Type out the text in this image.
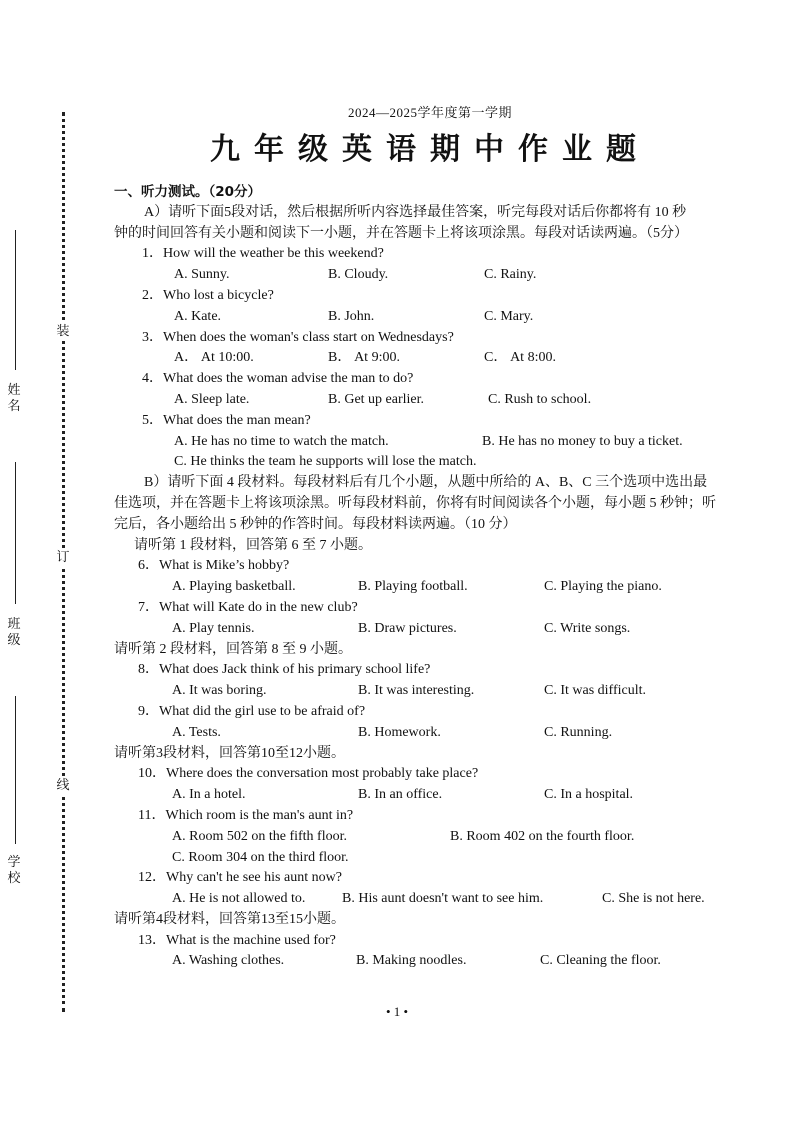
装
订
线
姓名
班级
学校
2024—2025学年度第一学期
九年级英语期中作业题
一、听力测试。（20分）
A）请听下面5段对话，然后根据所听内容选择最佳答案，听完每段对话后你都将有 10 秒
钟的时间回答有关小题和阅读下一小题，并在答题卡上将该项涂黑。每段对话读两遍。（5分）
1．How will the weather be this weekend?
A. Sunny.	B. Cloudy.	C. Rainy.
2．Who lost a bicycle?
A. Kate.	B. John.	C. Mary.
3．When does the woman's class start on Wednesdays?
A． At 10:00.	B． At 9:00.	C． At 8:00.
4．What does the woman advise the man to do?
A. Sleep late.	B. Get up earlier.	C. Rush to school.
5．What does the man mean?
A. He has no time to watch the match.	B. He has no money to buy a ticket.
C. He thinks the team he supports will lose the match.
B）请听下面 4 段材料。每段材料后有几个小题，从题中所给的 A、B、C 三个选项中选出最
佳选项，并在答题卡上将该项涂黑。听每段材料前，你将有时间阅读各个小题，每小题 5 秒钟；听
完后，各小题给出 5 秒钟的作答时间。每段材料读两遍。（10 分）
请听第 1 段材料，回答第 6 至 7 小题。
6．What is Mike’s hobby?
A. Playing basketball.	B. Playing football.	C. Playing the piano.
7．What will Kate do in the new club?
A. Play tennis.	B. Draw pictures.	C. Write songs.
请听第 2 段材料，回答第 8 至 9 小题。
8．What does Jack think of his primary school life?
A. It was boring.	B. It was interesting.	C. It was difficult.
9．What did the girl use to be afraid of?
A. Tests.	B. Homework.	C. Running.
请听第3段材料，回答第10至12小题。
10．Where does the conversation most probably take place?
A. In a hotel.	B. In an office.	C. In a hospital.
11．Which room is the man's aunt in?
A. Room 502 on the fifth floor.	B. Room 402 on the fourth floor.
C. Room 304 on the third floor.
12．Why can't he see his aunt now?
A. He is not allowed to.	B. His aunt doesn't want to see him.	C. She is not here.
请听第4段材料，回答第13至15小题。
13．What is the machine used for?
A. Washing clothes.	B. Making noodles.	C. Cleaning the floor.
• 1 •
